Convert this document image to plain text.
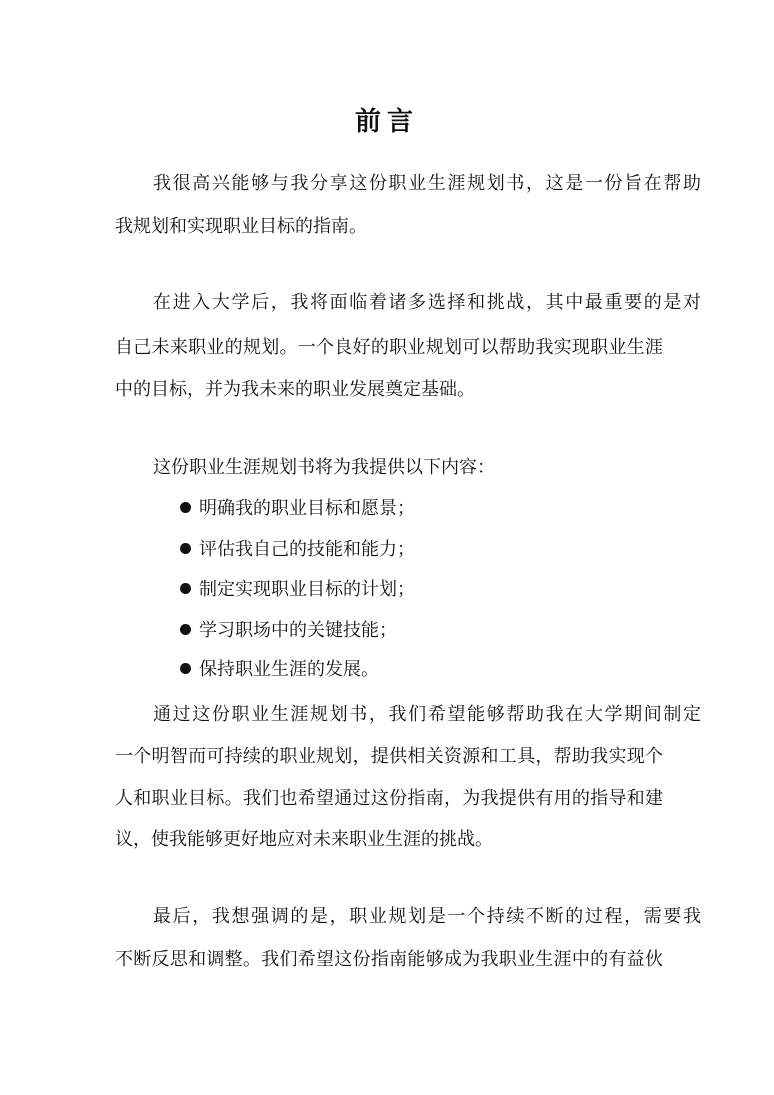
前言
我很高兴能够与我分享这份职业生涯规划书，这是一份旨在帮助
我规划和实现职业目标的指南。
在进入大学后，我将面临着诸多选择和挑战，其中最重要的是对
自己未来职业的规划。一个良好的职业规划可以帮助我实现职业生涯
中的目标，并为我未来的职业发展奠定基础。
这份职业生涯规划书将为我提供以下内容：
明确我的职业目标和愿景；
评估我自己的技能和能力；
制定实现职业目标的计划；
学习职场中的关键技能；
保持职业生涯的发展。
通过这份职业生涯规划书，我们希望能够帮助我在大学期间制定
一个明智而可持续的职业规划，提供相关资源和工具，帮助我实现个
人和职业目标。我们也希望通过这份指南，为我提供有用的指导和建
议，使我能够更好地应对未来职业生涯的挑战。
最后，我想强调的是，职业规划是一个持续不断的过程，需要我
不断反思和调整。我们希望这份指南能够成为我职业生涯中的有益伙
